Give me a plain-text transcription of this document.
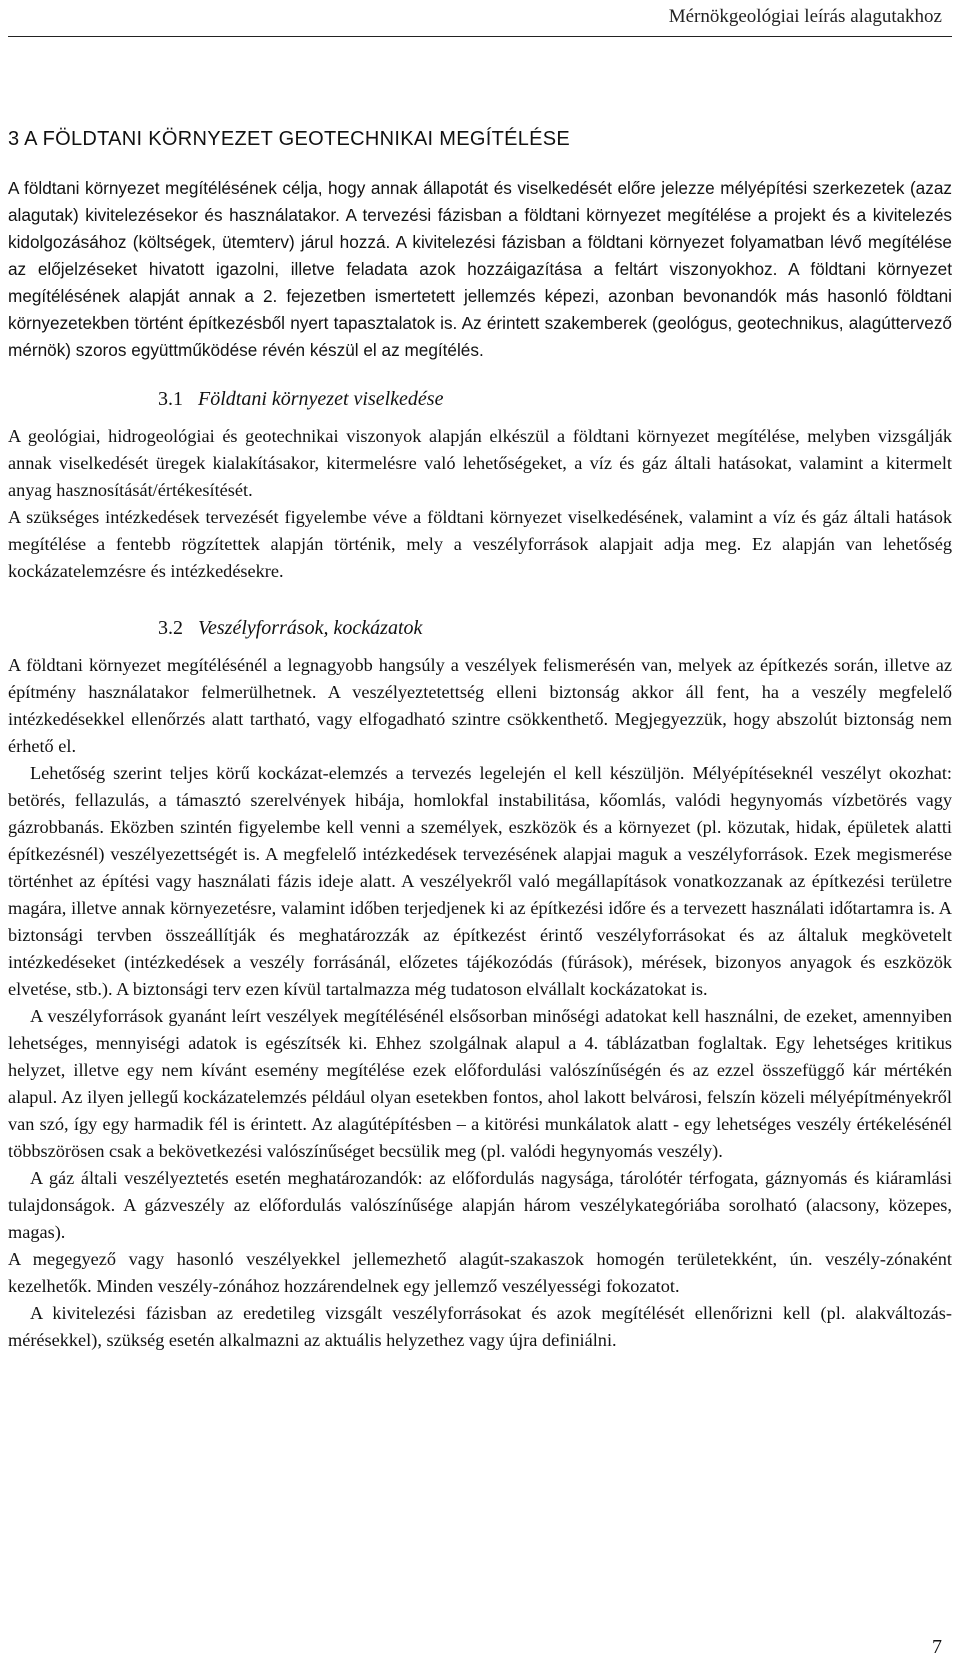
Mérnökgeológiai leírás alagutakhoz
3 A FÖLDTANI KÖRNYEZET GEOTECHNIKAI MEGÍTÉLÉSE

A földtani környezet megítélésének célja, hogy annak állapotát és viselkedését előre jelezze mélyépítési szerkezetek (azaz alagutak) kivitelezésekor és használatakor. A tervezési fázisban a földtani környezet megítélése a projekt és a kivitelezés kidolgozásához (költségek, ütemterv) járul hozzá. A kivitelezési fázisban a földtani környezet folyamatban lévő megítélése az előjelzéseket hivatott igazolni, illetve feladata azok hozzáigazítása a feltárt viszonyokhoz. A földtani környezet megítélésének alapját annak a 2. fejezetben ismertetett jellemzés képezi, azonban bevonandók más hasonló földtani környezetekben történt építkezésből nyert tapasztalatok is. Az érintett szakemberek (geológus, geotechnikus, alagúttervező mérnök) szoros együttműködése révén készül el az megítélés.

3.1 Földtani környezet viselkedése

A geológiai, hidrogeológiai és geotechnikai viszonyok alapján elkészül a földtani környezet megítélése, melyben vizsgálják annak viselkedését üregek kialakításakor, kitermelésre való lehetőségeket, a víz és gáz általi hatásokat, valamint a kitermelt anyag hasznosítását/értékesítését.

A szükséges intézkedések tervezését figyelembe véve a földtani környezet viselkedésének, valamint a víz és gáz általi hatások megítélése a fentebb rögzítettek alapján történik, mely a veszélyforrások alapjait adja meg. Ez alapján van lehetőség kockázatelemzésre és intézkedésekre.

3.2 Veszélyforrások, kockázatok

A földtani környezet megítélésénél a legnagyobb hangsúly a veszélyek felismerésén van, melyek az építkezés során, illetve az építmény használatakor felmerülhetnek. A veszélyeztetettség elleni biztonság akkor áll fent, ha a veszély megfelelő intézkedésekkel ellenőrzés alatt tartható, vagy elfogadható szintre csökkenthető. Megjegyezzük, hogy abszolút biztonság nem érhető el.

Lehetőség szerint teljes körű kockázat-elemzés a tervezés legelején el kell készüljön. Mélyépítéseknél veszélyt okozhat: betörés, fellazulás, a támasztó szerelvények hibája, homlokfal instabilitása, kőomlás, valódi hegynyomás vízbetörés vagy gázrobbanás. Eközben szintén figyelembe kell venni a személyek, eszközök és a környezet (pl. közutak, hidak, épületek alatti építkezésnél) veszélyezettségét is. A megfelelő intézkedések tervezésének alapjai maguk a veszélyforrások. Ezek megismerése történhet az építési vagy használati fázis ideje alatt. A veszélyekről való megállapítások vonatkozzanak az építkezési területre magára, illetve annak környezetésre, valamint időben terjedjenek ki az építkezési időre és a tervezett használati időtartamra is. A biztonsági tervben összeállítják és meghatározzák az építkezést érintő veszélyforrásokat és az általuk megkövetelt intézkedéseket (intézkedések a veszély forrásánál, előzetes tájékozódás (fúrások), mérések, bizonyos anyagok és eszközök elvetése, stb.). A biztonsági terv ezen kívül tartalmazza még tudatoson elvállalt kockázatokat is.

A veszélyforrások gyanánt leírt veszélyek megítélésénél elsősorban minőségi adatokat kell használni, de ezeket, amennyiben lehetséges, mennyiségi adatok is egészítsék ki. Ehhez szolgálnak alapul a 4. táblázatban foglaltak. Egy lehetséges kritikus helyzet, illetve egy nem kívánt esemény megítélése ezek előfordulási valószínűségén és az ezzel összefüggő kár mértékén alapul. Az ilyen jellegű kockázatelemzés például olyan esetekben fontos, ahol lakott belvárosi, felszín közeli mélyépítményekről van szó, így egy harmadik fél is érintett. Az alagútépítésben – a kitörési munkálatok alatt - egy lehetséges veszély értékelésénél többszörösen csak a bekövetkezési valószínűséget becsülik meg (pl. valódi hegynyomás veszély).

A gáz általi veszélyeztetés esetén meghatározandók: az előfordulás nagysága, tárolótér térfogata, gáznyomás és kiáramlási tulajdonságok. A gázveszély az előfordulás valószínűsége alapján három veszélykategóriába sorolható (alacsony, közepes, magas).

A megegyező vagy hasonló veszélyekkel jellemezhető alagút-szakaszok homogén területekként, ún. veszély-zónaként kezelhetők. Minden veszély-zónához hozzárendelnek egy jellemző veszélyességi fokozatot.

A kivitelezési fázisban az eredetileg vizsgált veszélyforrásokat és azok megítélését ellenőrizni kell (pl. alakváltozás-mérésekkel), szükség esetén alkalmazni az aktuális helyzethez vagy újra definiálni.

7
